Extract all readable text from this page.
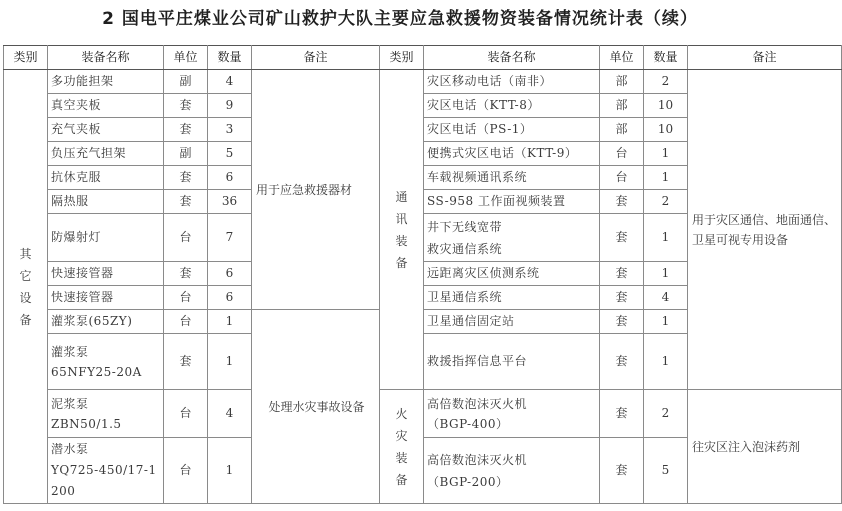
2 国电平庄煤业公司矿山救护大队主要应急救援物资装备情况统计表（续）
类别	装备名称	单位	数量	备注	类别	装备名称	单位	数量	备注
其它设备	多功能担架	副	4	用于应急救援器材	通讯装备	灾区移动电话（南非）	部	2	用于灾区通信、地面通信、卫星可视专用设备
	真空夹板	套	9			灾区电话（KTT-8）	部	10	
	充气夹板	套	3			灾区电话（PS-1）	部	10	
	负压充气担架	副	5			便携式灾区电话（KTT-9）	台	1	
	抗休克服	套	6			车载视频通讯系统	台	1	
	隔热服	套	36			SS-958 工作面视频装置	套	2	
	防爆射灯	台	7			井下无线宽带
救灾通信系统	套	1	
	快速接管器	套	6			远距离灾区侦测系统	套	1	
	快速接管器	台	6			卫星通信系统	套	4	
	灌浆泵(65ZY)	台	1	处理水灾事故设备		卫星通信固定站	套	1	
	灌浆泵
65NFY25-20A	套	1			救援指挥信息平台	套	1	
	泥浆泵
ZBN50/1.5	台	4		火灾装备	高倍数泡沫灭火机
（BGP-400）	套	2	往灾区注入泡沫药剂
	潜水泵
YQ725-450/17-1
200	台	1			高倍数泡沫灭火机
（BGP-200）	套	5	
